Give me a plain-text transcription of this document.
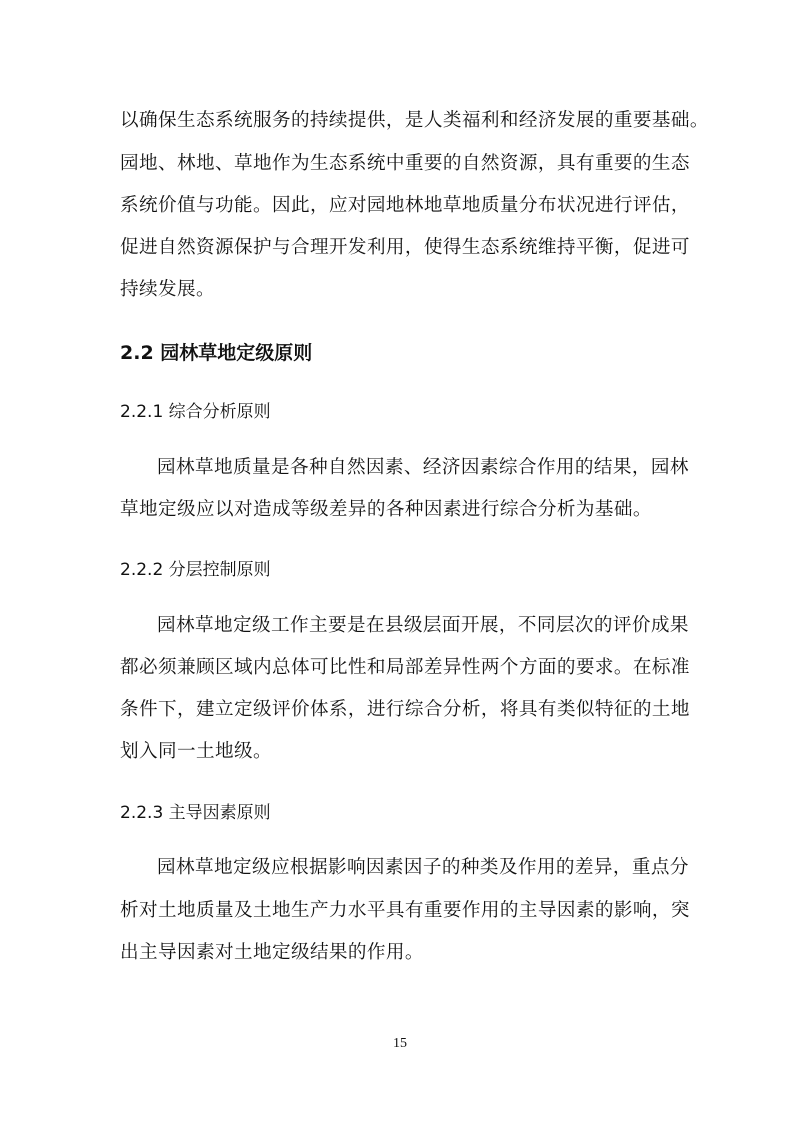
以确保生态系统服务的持续提供，是人类福利和经济发展的重要基础。
园地、林地、草地作为生态系统中重要的自然资源，具有重要的生态
系统价值与功能。因此，应对园地林地草地质量分布状况进行评估，
促进自然资源保护与合理开发利用，使得生态系统维持平衡，促进可
持续发展。
2.2 园林草地定级原则
2.2.1 综合分析原则
园林草地质量是各种自然因素、经济因素综合作用的结果，园林
草地定级应以对造成等级差异的各种因素进行综合分析为基础。
2.2.2 分层控制原则
园林草地定级工作主要是在县级层面开展，不同层次的评价成果
都必须兼顾区域内总体可比性和局部差异性两个方面的要求。在标准
条件下，建立定级评价体系，进行综合分析，将具有类似特征的土地
划入同一土地级。
2.2.3 主导因素原则
园林草地定级应根据影响因素因子的种类及作用的差异，重点分
析对土地质量及土地生产力水平具有重要作用的主导因素的影响，突
出主导因素对土地定级结果的作用。
15
